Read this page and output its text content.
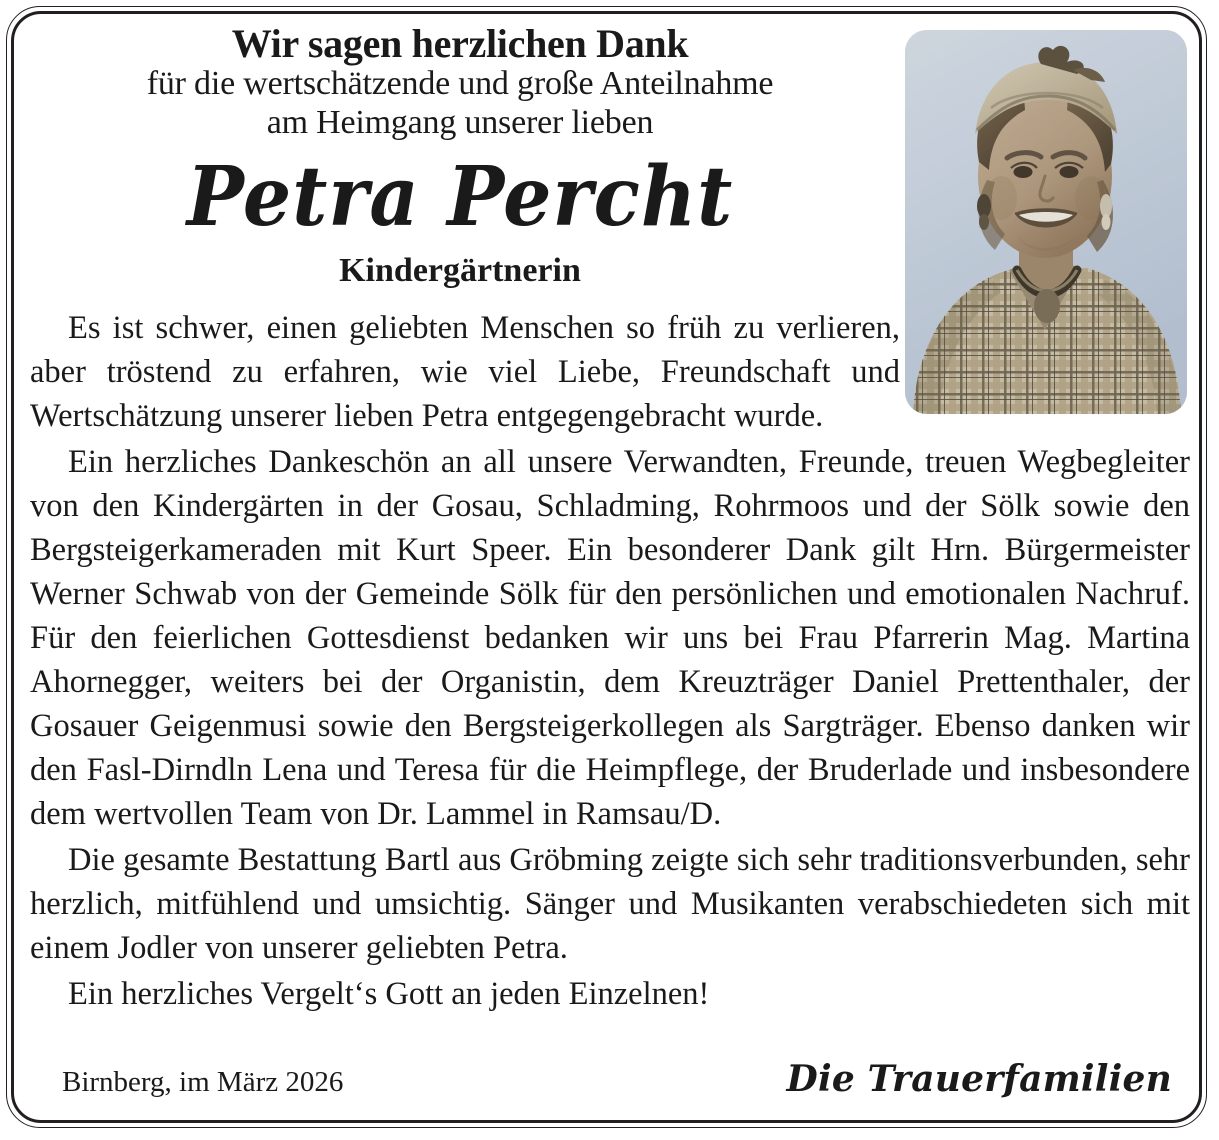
Wir sagen herzlichen Dank
für die wertschätzende und große Anteilnahme
am Heimgang unserer lieben
Petra Percht
Kindergärtnerin

Es ist schwer, einen geliebten Menschen so früh zu verlieren, aber tröstend zu erfahren, wie viel Liebe, Freundschaft und Wertschätzung unserer lieben Petra entgegengebracht wurde.

Ein herzliches Dankeschön an all unsere Verwandten, Freunde, treuen Wegbegleiter von den Kindergärten in der Gosau, Schladming, Rohrmoos und der Sölk sowie den Bergsteigerkameraden mit Kurt Speer. Ein besonderer Dank gilt Hrn. Bürgermeister Werner Schwab von der Gemeinde Sölk für den persönlichen und emotionalen Nachruf. Für den feierlichen Gottesdienst bedanken wir uns bei Frau Pfarrerin Mag. Martina Ahornegger, weiters bei der Organistin, dem Kreuzträger Daniel Prettenthaler, der Gosauer Geigenmusi sowie den Bergsteigerkollegen als Sargträger. Ebenso danken wir den Fasl-Dirndln Lena und Teresa für die Heimpflege, der Bruderlade und insbesondere dem wertvollen Team von Dr. Lammel in Ramsau/D.

Die gesamte Bestattung Bartl aus Gröbming zeigte sich sehr traditionsverbunden, sehr herzlich, mitfühlend und umsichtig. Sänger und Musikanten verabschiedeten sich mit einem Jodler von unserer geliebten Petra.

Ein herzliches Vergelt‘s Gott an jeden Einzelnen!

Birnberg, im März 2026	Die Trauerfamilien
